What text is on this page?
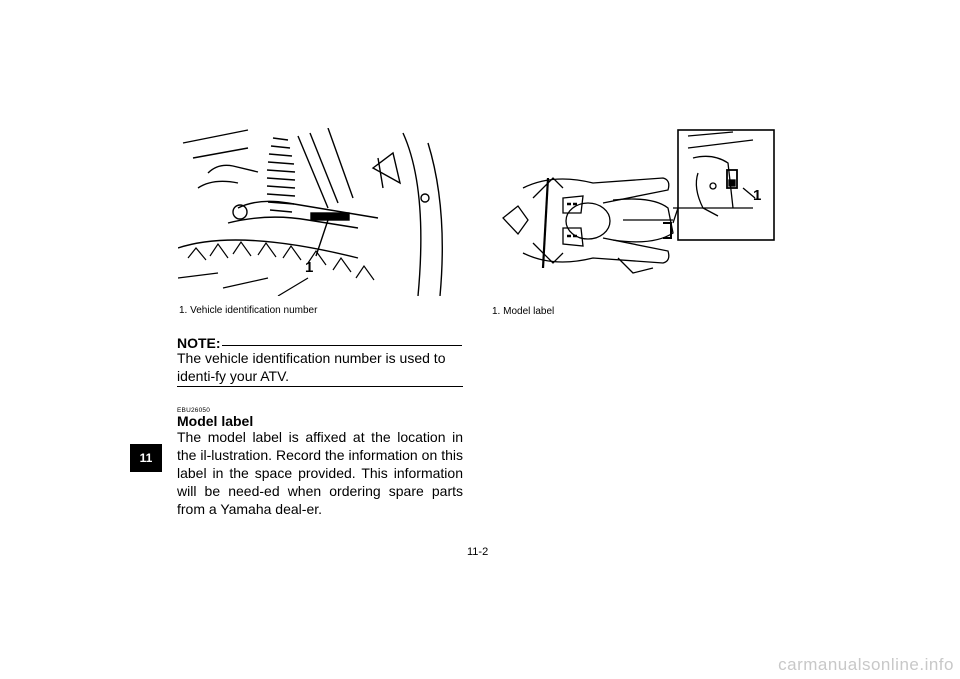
11
1
1. Vehicle identification number
1
1. Model label
NOTE:
The vehicle identification number is used to identi-fy your ATV.
EBU26050
Model label
The model label is affixed at the location in the il-lustration. Record the information on this label in the space provided. This information will be need-ed when ordering spare parts from a Yamaha deal-er.
11-2
carmanualsonline.info
